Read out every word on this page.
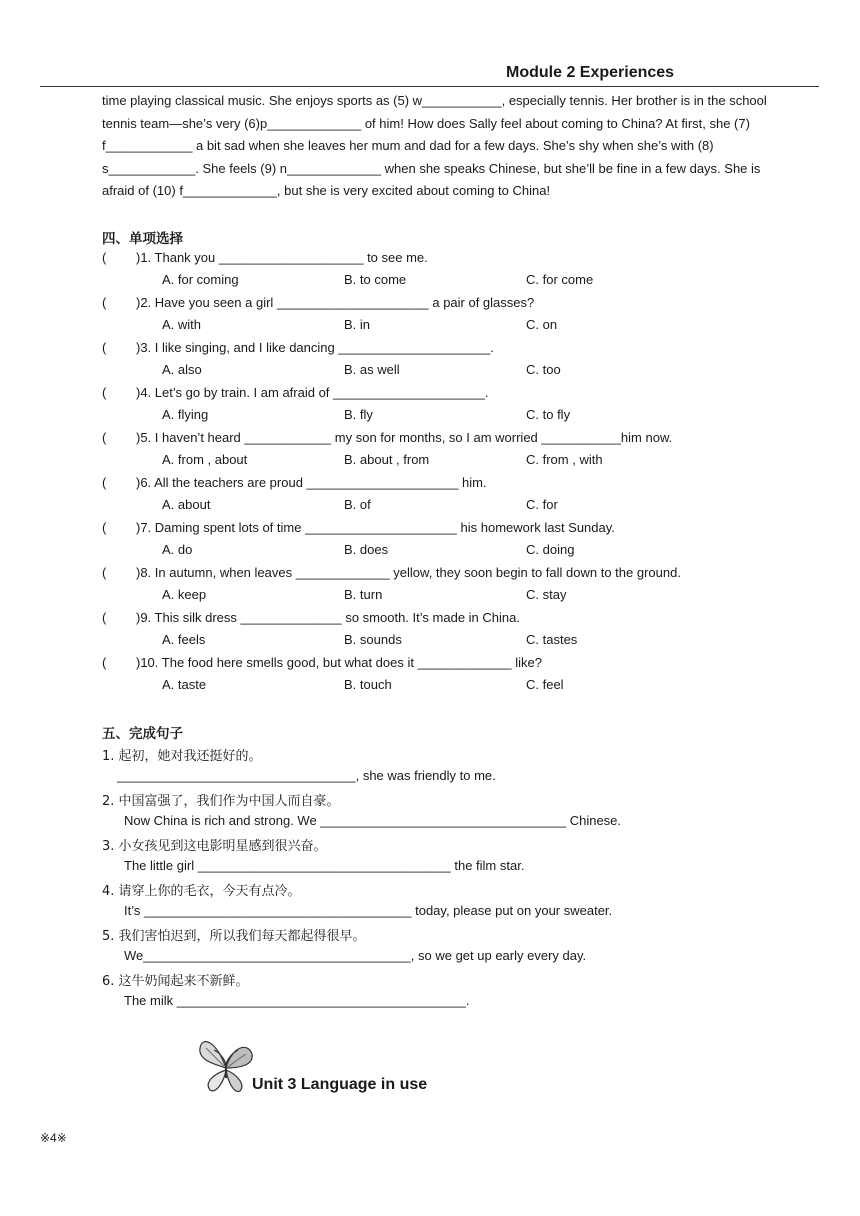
Module 2 Experiences
time playing classical music. She enjoys sports as (5) w___________, especially tennis. Her brother is in the school
tennis team—she’s very (6)p_____________ of him! How does Sally feel about coming to China? At first, she (7)
f____________ a bit sad when she leaves her mum and dad for a few days. She’s shy when she’s with (8)
s____________. She feels (9) n_____________ when she speaks Chinese, but she’ll be fine in a few days. She is
afraid of (10) f_____________, but she is very excited about coming to China!
四、单项选择
( )1. Thank you ____________________ to see me.
A. for coming	B. to come	C. for come
( )2. Have you seen a girl _____________________ a pair of glasses?
A. with	B. in	C. on
( )3. I like singing, and I like dancing _____________________.
A. also	B. as well	C. too
( )4. Let’s go by train. I am afraid of _____________________.
A. flying	B. fly	C. to fly
( )5. I haven’t heard ____________ my son for months, so I am worried ___________him now.
A. from , about	B. about , from	C. from , with
( )6. All the teachers are proud _____________________ him.
A. about	B. of	C. for
( )7. Daming spent lots of time _____________________ his homework last Sunday.
A. do	B. does	C. doing
( )8. In autumn, when leaves _____________ yellow, they soon begin to fall down to the ground.
A. keep	B. turn	C. stay
( )9. This silk dress ______________ so smooth. It’s made in China.
A. feels	B. sounds	C. tastes
( )10. The food here smells good, but what does it _____________ like?
A. taste	B. touch	C. feel
五、完成句子
1. 起初，她对我还挺好的。
_________________________________, she was friendly to me.
2. 中国富强了，我们作为中国人而自豪。
Now China is rich and strong. We __________________________________ Chinese.
3. 小女孩见到这电影明星感到很兴奋。
The little girl ___________________________________ the film star.
4. 请穿上你的毛衣，今天有点冷。
It’s _____________________________________ today, please put on your sweater.
5. 我们害怕迟到，所以我们每天都起得很早。
We_____________________________________, so we get up early every day.
6. 这牛奶闻起来不新鲜。
The milk ________________________________________.
Unit 3 Language in use
※4※
